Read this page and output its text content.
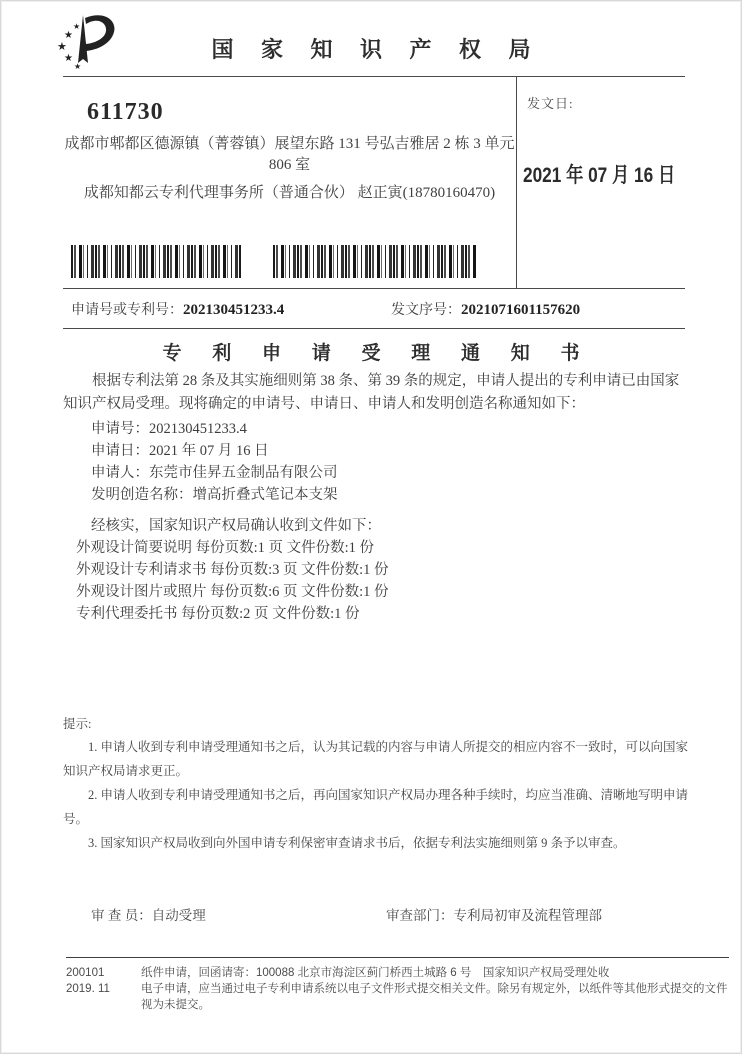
★
★
★
★
★
国 家 知 识 产 权 局
611730
成都市郫都区德源镇（菁蓉镇）展望东路 131 号弘吉雅居 2 栋 3 单元
806 室
成都知都云专利代理事务所（普通合伙） 赵正寅(18780160470)
发文日:
2021 年 07 月 16 日
申请号或专利号：202130451233.4	发文序号：2021071601157620
专 利 申 请 受 理 通 知 书

根据专利法第 28 条及其实施细则第 38 条、第 39 条的规定，申请人提出的专利申请已由国家知识产权局受理。现将确定的申请号、申请日、申请人和发明创造名称通知如下：

申请号：202130451233.4
申请日：2021 年 07 月 16 日
申请人：东莞市佳昇五金制品有限公司
发明创造名称：增高折叠式笔记本支架
经核实，国家知识产权局确认收到文件如下：
外观设计简要说明 每份页数:1 页 文件份数:1 份
外观设计专利请求书 每份页数:3 页 文件份数:1 份
外观设计图片或照片 每份页数:6 页 文件份数:1 份
专利代理委托书 每份页数:2 页 文件份数:1 份
提示:

1. 申请人收到专利申请受理通知书之后，认为其记载的内容与申请人所提交的相应内容不一致时，可以向国家知识产权局请求更正。

2. 申请人收到专利申请受理通知书之后，再向国家知识产权局办理各种手续时，均应当准确、清晰地写明申请号。

3. 国家知识产权局收到向外国申请专利保密审查请求书后，依据专利法实施细则第 9 条予以审查。

审 查 员：自动受理	审查部门：专利局初审及流程管理部
200101
2019. 11
纸件申请，回函请寄：100088 北京市海淀区蓟门桥西土城路 6 号　国家知识产权局受理处收
电子申请，应当通过电子专利申请系统以电子文件形式提交相关文件。除另有规定外，以纸件等其他形式提交的文件视为未提交。
